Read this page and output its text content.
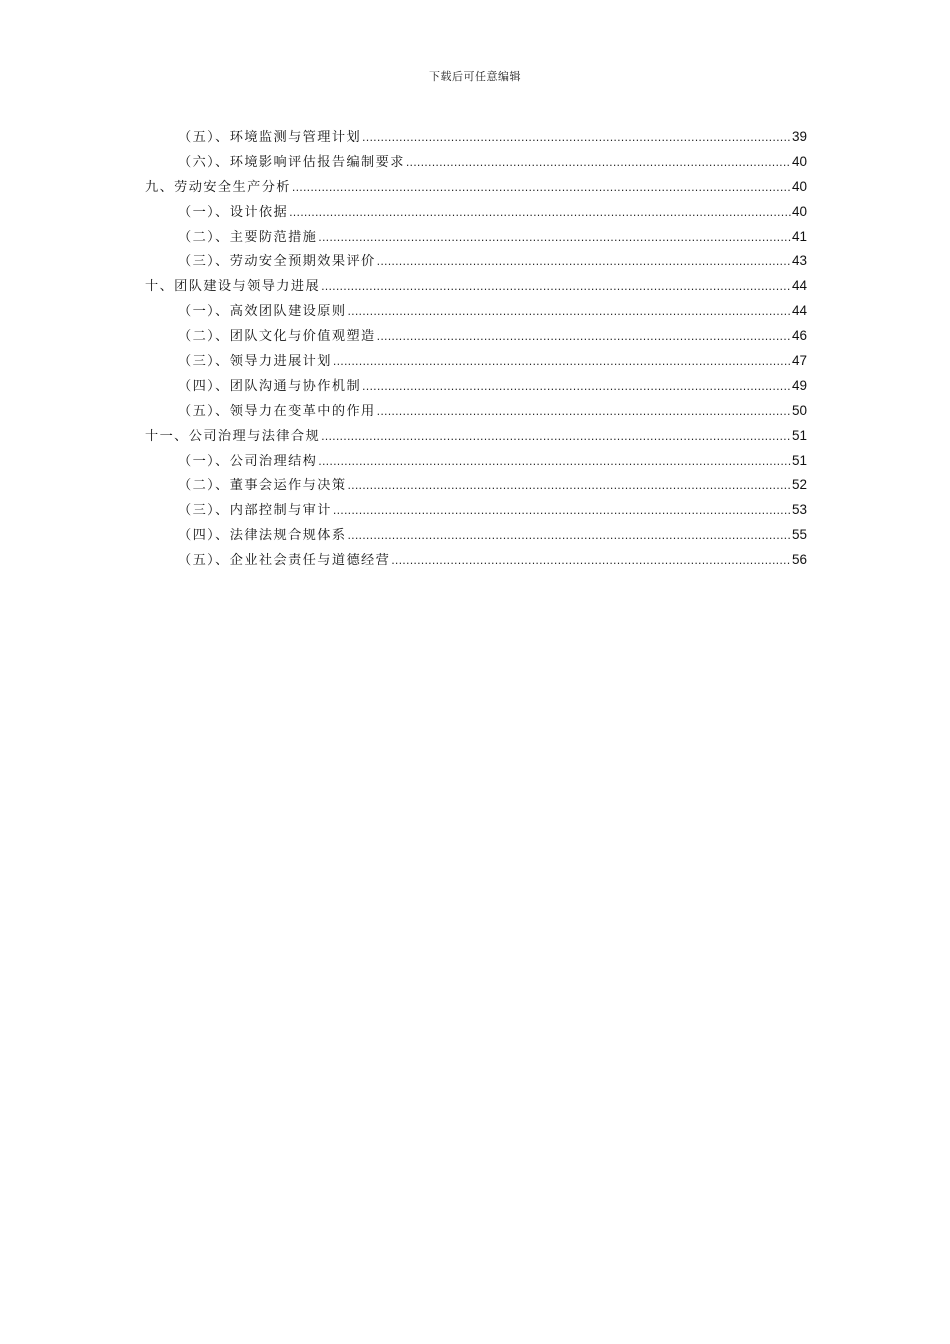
下载后可任意编辑
（五）、环境监测与管理计划 .....	39
（六）、环境影响评估报告编制要求 .....	40
九、劳动安全生产分析 .....	40
（一）、设计依据 .....	40
（二）、主要防范措施 .....	41
（三）、劳动安全预期效果评价 .....	43
十、团队建设与领导力进展 .....	44
（一）、高效团队建设原则 .....	44
（二）、团队文化与价值观塑造 .....	46
（三）、领导力进展计划 .....	47
（四）、团队沟通与协作机制 .....	49
（五）、领导力在变革中的作用 .....	50
十一、公司治理与法律合规 .....	51
（一）、公司治理结构 .....	51
（二）、董事会运作与决策 .....	52
（三）、内部控制与审计 .....	53
（四）、法律法规合规体系 .....	55
（五）、企业社会责任与道德经营 .....	56
